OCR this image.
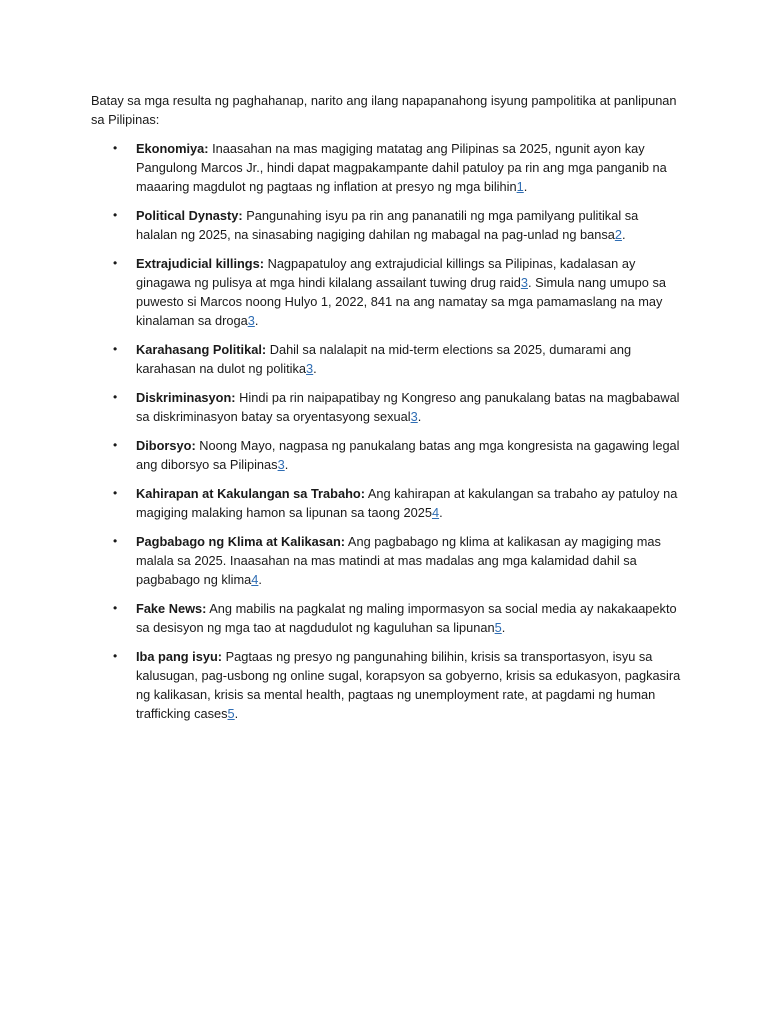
Batay sa mga resulta ng paghahanap, narito ang ilang napapanahong isyung pampolitika at panlipunan sa Pilipinas:

• Ekonomiya: Inaasahan na mas magiging matatag ang Pilipinas sa 2025, ngunit ayon kay Pangulong Marcos Jr., hindi dapat magpakampante dahil patuloy pa rin ang mga panganib na maaaring magdulot ng pagtaas ng inflation at presyo ng mga bilihin1.
• Political Dynasty: Pangunahing isyu pa rin ang pananatili ng mga pamilyang pulitikal sa halalan ng 2025, na sinasabing nagiging dahilan ng mabagal na pag-unlad ng bansa2.
• Extrajudicial killings: Nagpapatuloy ang extrajudicial killings sa Pilipinas, kadalasan ay ginagawa ng pulisya at mga hindi kilalang assailant tuwing drug raid3. Simula nang umupo sa puwesto si Marcos noong Hulyo 1, 2022, 841 na ang namatay sa mga pamamaslang na may kinalaman sa droga3.
• Karahasang Politikal: Dahil sa nalalapit na mid-term elections sa 2025, dumarami ang karahasan na dulot ng politika3.
• Diskriminasyon: Hindi pa rin naipapatibay ng Kongreso ang panukalang batas na magbabawal sa diskriminasyon batay sa oryentasyong sexual3.
• Diborsyo: Noong Mayo, nagpasa ng panukalang batas ang mga kongresista na gagawing legal ang diborsyo sa Pilipinas3.
• Kahirapan at Kakulangan sa Trabaho: Ang kahirapan at kakulangan sa trabaho ay patuloy na magiging malaking hamon sa lipunan sa taong 20254.
• Pagbabago ng Klima at Kalikasan: Ang pagbabago ng klima at kalikasan ay magiging mas malala sa 2025. Inaasahan na mas matindi at mas madalas ang mga kalamidad dahil sa pagbabago ng klima4.
• Fake News: Ang mabilis na pagkalat ng maling impormasyon sa social media ay nakakaapekto sa desisyon ng mga tao at nagdudulot ng kaguluhan sa lipunan5.
• Iba pang isyu: Pagtaas ng presyo ng pangunahing bilihin, krisis sa transportasyon, isyu sa kalusugan, pag-usbong ng online sugal, korapsyon sa gobyerno, krisis sa edukasyon, pagkasira ng kalikasan, krisis sa mental health, pagtaas ng unemployment rate, at pagdami ng human trafficking cases5.
